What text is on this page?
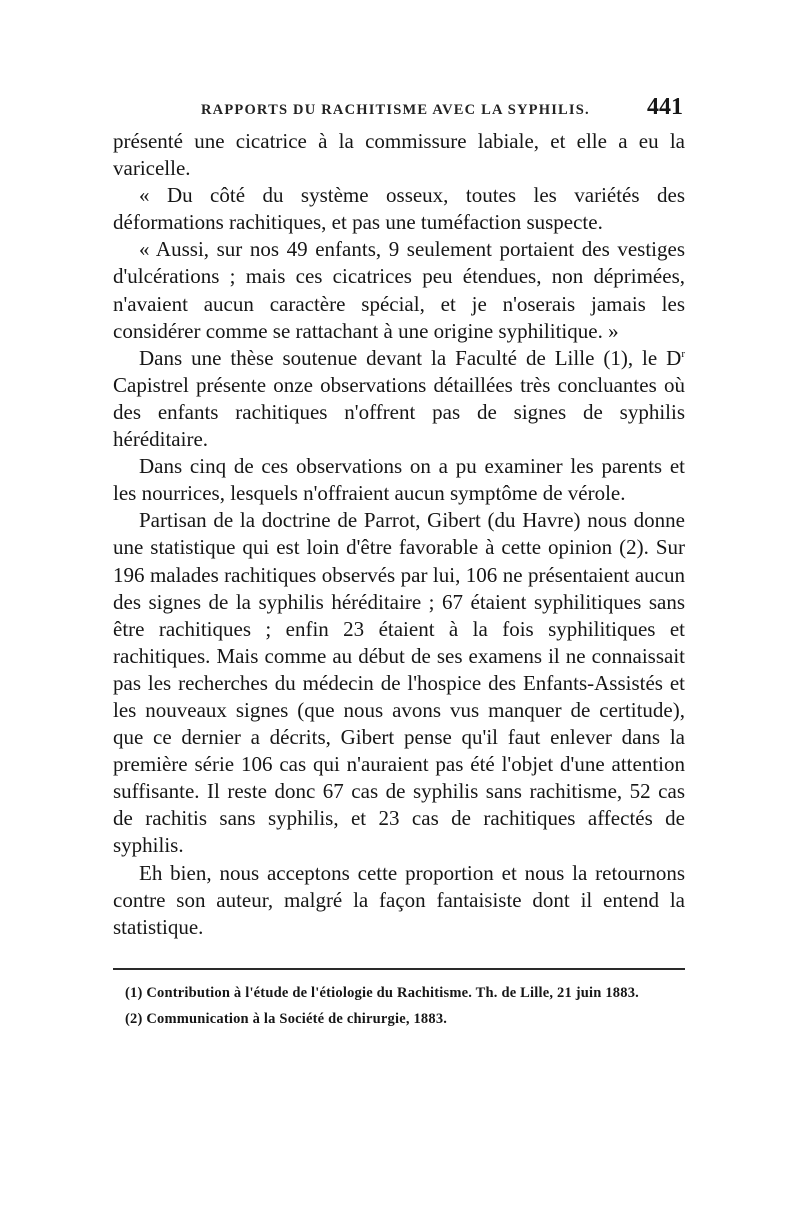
RAPPORTS DU RACHITISME AVEC LA SYPHILIS. 441

présenté une cicatrice à la commissure labiale, et elle a eu la varicelle.

« Du côté du système osseux, toutes les variétés des déformations rachitiques, et pas une tuméfaction suspecte.

« Aussi, sur nos 49 enfants, 9 seulement portaient des vestiges d'ulcérations ; mais ces cicatrices peu étendues, non déprimées, n'avaient aucun caractère spécial, et je n'oserais jamais les considérer comme se rattachant à une origine syphilitique. »

Dans une thèse soutenue devant la Faculté de Lille (1), le $D^r$ Capistrel présente onze observations détaillées très concluantes où des enfants rachitiques n'offrent pas de signes de syphilis héréditaire.

Dans cinq de ces observations on a pu examiner les parents et les nourrices, lesquels n'offraient aucun symptôme de vérole.

Partisan de la doctrine de Parrot, Gibert (du Havre) nous donne une statistique qui est loin d'être favorable à cette opinion (2). Sur 196 malades rachitiques observés par lui, 106 ne présentaient aucun des signes de la syphilis héréditaire ; 67 étaient syphilitiques sans être rachitiques ; enfin 23 étaient à la fois syphilitiques et rachitiques. Mais comme au début de ses examens il ne connaissait pas les recherches du médecin de l'hospice des Enfants-Assistés et les nouveaux signes (que nous avons vus manquer de certitude), que ce dernier a décrits, Gibert pense qu'il faut enlever dans la première série 106 cas qui n'auraient pas été l'objet d'une attention suffisante. Il reste donc 67 cas de syphilis sans rachitisme, 52 cas de rachitis sans syphilis, et 23 cas de rachitiques affectés de syphilis.

Eh bien, nous acceptons cette proportion et nous la retournons contre son auteur, malgré la façon fantaisiste dont il entend la statistique.

(1) Contribution à l'étude de l'étiologie du Rachitisme. Th. de Lille, 21 juin 1883.

(2) Communication à la Société de chirurgie, 1883.
